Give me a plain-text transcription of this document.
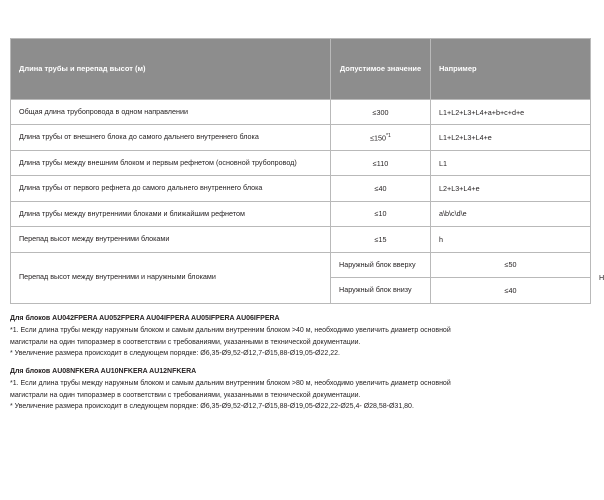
Длина трубы и перепад высот (м)	Допустимое значение	Например	
Общая длина трубопровода в одном направлении	≤300	L1+L2+L3+L4+a+b+c+d+e	
Длина трубы от внешнего блока до самого дальнего внутреннего блока	$\le 150^{*1}$	L1+L2+L3+L4+e	
Длина трубы между внешним блоком и первым рефнетом (основной трубопровод)	≤110	L1	
Длина трубы от первого рефнета до самого дальнего внутреннего блока	≤40	L2+L3+L4+e	
Длина трубы между внутренними блоками и ближайшим рефнетом	≤10	a\b\c\d\e	
Перепад высот между внутренними блоками	≤15	h	
Перепад высот между внутренними и наружными блоками	Наружный блок вверху	≤50	H
	Наружный блок внизу	≤40	
Для блоков AU042FPERA AU052FPERA AU04IFPERA AU05IFPERA AU06IFPERA
*1. Если длина трубы между наружным блоком и самым дальним внутренним блоком >40 м, необходимо увеличить диаметр основной
магистрали на один типоразмер в соответствии с требованиями, указанными в технической документации.
* Увеличение размера происходит в следующем порядке: Ø6,35-Ø9,52-Ø12,7-Ø15,88-Ø19,05-Ø22,22.
Для блоков AU08NFKERA AU10NFKERA AU12NFKERA
*1. Если длина трубы между наружным блоком и самым дальним внутренним блоком >80 м, необходимо увеличить диаметр основной
магистрали на один типоразмер в соответствии с требованиями, указанными в технической документации.
* Увеличение размера происходит в следующем порядке: Ø6,35-Ø9,52-Ø12,7-Ø15,88-Ø19,05-Ø22,22-Ø25,4- Ø28,58-Ø31,80.
